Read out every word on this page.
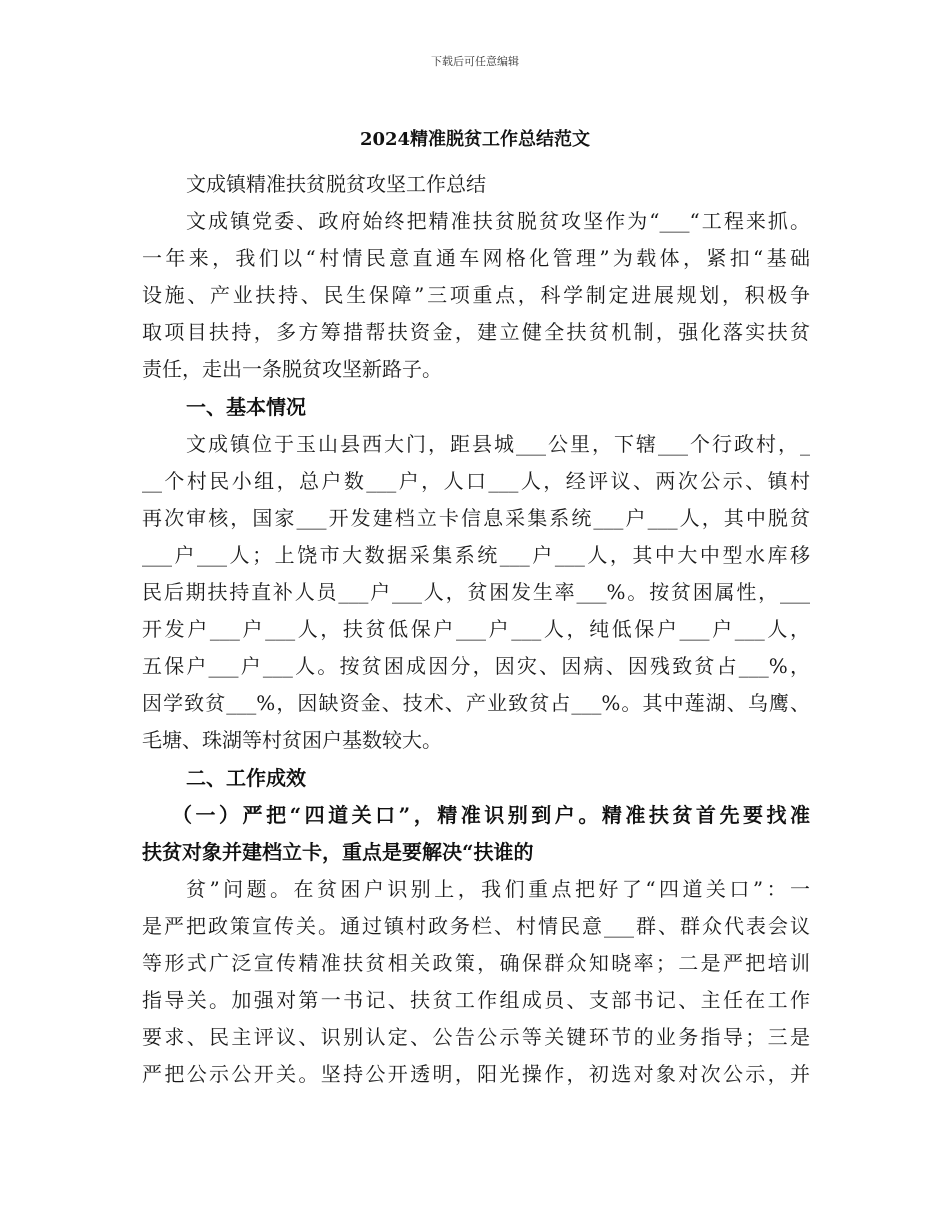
下载后可任意编辑
2024精准脱贫工作总结范文
文成镇精准扶贫脱贫攻坚工作总结
文成镇党委、政府始终把精准扶贫脱贫攻坚作为“___“工程来抓。
一年来，我们以“村情民意直通车网格化管理”为载体，紧扣“基础
设施、产业扶持、民生保障”三项重点，科学制定进展规划，积极争
取项目扶持，多方筹措帮扶资金，建立健全扶贫机制，强化落实扶贫
责任，走出一条脱贫攻坚新路子。
一、基本情况
文成镇位于玉山县西大门，距县城___公里，下辖___个行政村，_
__个村民小组，总户数___户，人口___人，经评议、两次公示、镇村
再次审核，国家___开发建档立卡信息采集系统___户___人，其中脱贫
___户___人；上饶市大数据采集系统___户___人，其中大中型水库移
民后期扶持直补人员___户___人，贫困发生率___%。按贫困属性，___
开发户___户___人，扶贫低保户___户___人，纯低保户___户___人，
五保户___户___人。按贫困成因分，因灾、因病、因残致贫占___%，
因学致贫___%，因缺资金、技术、产业致贫占___%。其中莲湖、乌鹰、
毛塘、珠湖等村贫困户基数较大。
二、工作成效
（一）严把“四道关口”，精准识别到户。精准扶贫首先要找准
扶贫对象并建档立卡，重点是要解决“扶谁的
贫”问题。在贫困户识别上，我们重点把好了“四道关口”：一
是严把政策宣传关。通过镇村政务栏、村情民意___群、群众代表会议
等形式广泛宣传精准扶贫相关政策，确保群众知晓率；二是严把培训
指导关。加强对第一书记、扶贫工作组成员、支部书记、主任在工作
要求、民主评议、识别认定、公告公示等关键环节的业务指导；三是
严把公示公开关。坚持公开透明，阳光操作，初选对象对次公示，并
